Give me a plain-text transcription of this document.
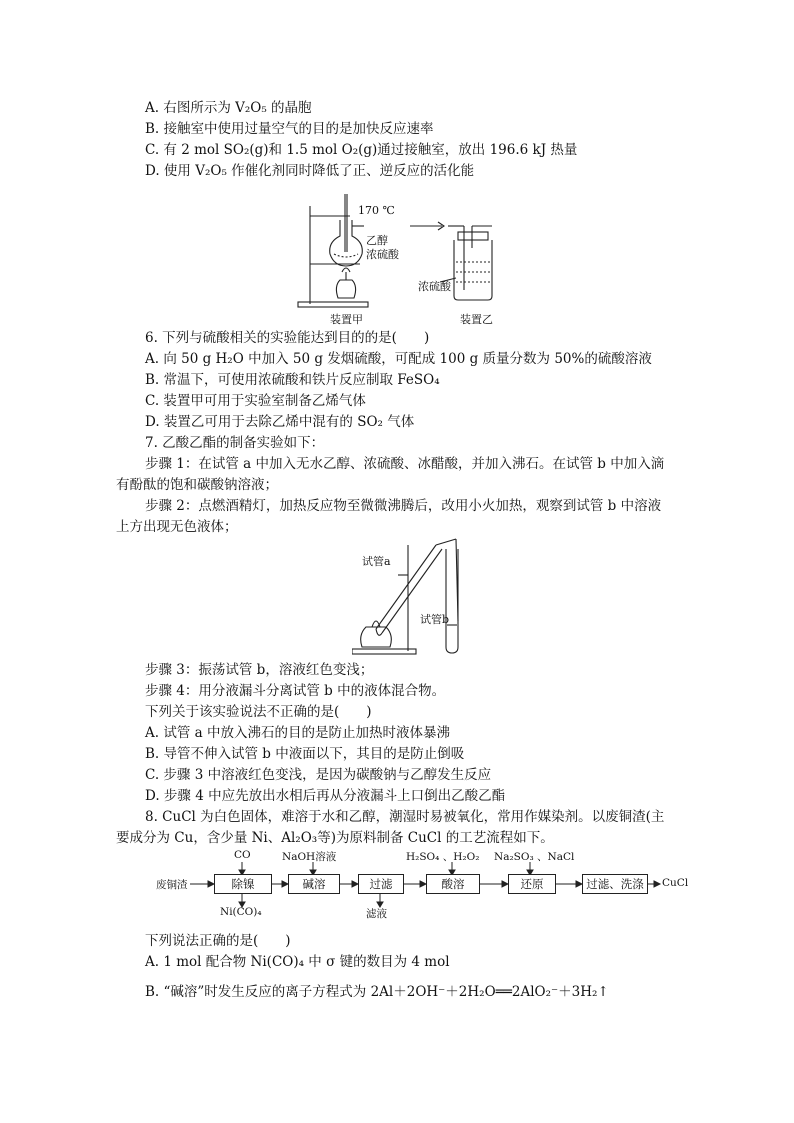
A. 右图所示为 V₂O₅ 的晶胞
B. 接触室中使用过量空气的目的是加快反应速率
C. 有 2 mol SO₂(g)和 1.5 mol O₂(g)通过接触室，放出 196.6 kJ 热量
D. 使用 V₂O₅ 作催化剂同时降低了正、逆反应的活化能
170 ℃
乙醇
浓硫酸
浓硫酸
装置甲	装置乙
6. 下列与硫酸相关的实验能达到目的的是(　　)
A. 向 50 g H₂O 中加入 50 g 发烟硫酸，可配成 100 g 质量分数为 50%的硫酸溶液
B. 常温下，可使用浓硫酸和铁片反应制取 FeSO₄
C. 装置甲可用于实验室制备乙烯气体
D. 装置乙可用于去除乙烯中混有的 SO₂ 气体
7. 乙酸乙酯的制备实验如下：
步骤 1：在试管 a 中加入无水乙醇、浓硫酸、冰醋酸，并加入沸石。在试管 b 中加入滴
有酚酞的饱和碳酸钠溶液；
步骤 2：点燃酒精灯，加热反应物至微微沸腾后，改用小火加热，观察到试管 b 中溶液
上方出现无色液体；
试管a
试管b
步骤 3：振荡试管 b，溶液红色变浅；
步骤 4：用分液漏斗分离试管 b 中的液体混合物。
下列关于该实验说法不正确的是(　　)
A. 试管 a 中放入沸石的目的是防止加热时液体暴沸
B. 导管不伸入试管 b 中液面以下，其目的是防止倒吸
C. 步骤 3 中溶液红色变浅，是因为碳酸钠与乙醇发生反应
D. 步骤 4 中应先放出水相后再从分液漏斗上口倒出乙酸乙酯
8. CuCl 为白色固体，难溶于水和乙醇，潮湿时易被氧化，常用作媒染剂。以废铜渣(主
要成分为 Cu，含少量 Ni、Al₂O₃等)为原料制备 CuCl 的工艺流程如下。
废铜渣	除镍	碱溶	过滤	酸溶	还原	过滤、洗涤	CuCl
CO	NaOH溶液	H₂SO₄ 、H₂O₂ Na₂SO₃ 、NaCl
Ni(CO)₄	滤液
下列说法正确的是(　　)
A. 1 mol 配合物 Ni(CO)₄ 中 σ 键的数目为 4 mol
B. “碱溶”时发生反应的离子方程式为 2Al＋2OH⁻＋2H₂O══2AlO₂⁻＋3H₂↑
